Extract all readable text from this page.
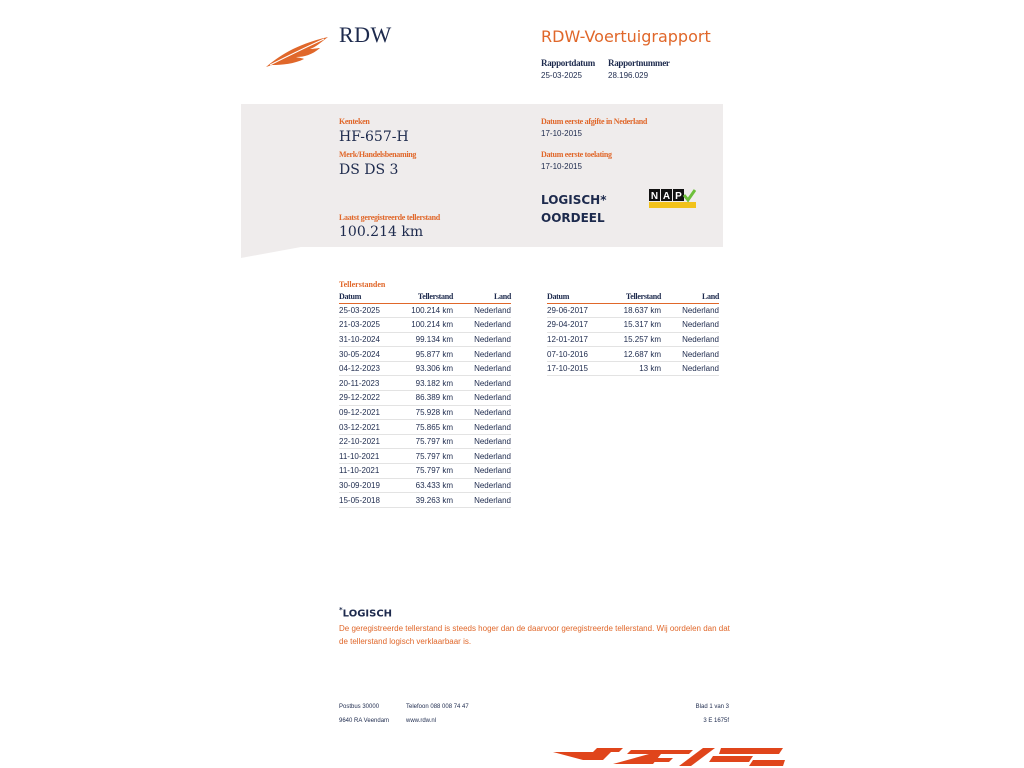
RDW	RDW-Voertuigrapport
Rapportdatum
25-03-2025
Rapportnummer
28.196.029
Kenteken
HF-657-H
Merk/Handelsbenaming
DS DS 3
Laatst geregistreerde tellerstand
100.214 km
Datum eerste afgifte in Nederland
17-10-2015
Datum eerste toelating
17-10-2015
LOGISCH*
OORDEEL
N A P
Tellerstanden
Datum	Tellerstand	Land
25-03-2025	100.214 km	Nederland
21-03-2025	100.214 km	Nederland
31-10-2024	99.134 km	Nederland
30-05-2024	95.877 km	Nederland
04-12-2023	93.306 km	Nederland
20-11-2023	93.182 km	Nederland
29-12-2022	86.389 km	Nederland
09-12-2021	75.928 km	Nederland
03-12-2021	75.865 km	Nederland
22-10-2021	75.797 km	Nederland
11-10-2021	75.797 km	Nederland
11-10-2021	75.797 km	Nederland
30-09-2019	63.433 km	Nederland
15-05-2018	39.263 km	Nederland
Datum	Tellerstand	Land
29-06-2017	18.637 km	Nederland
29-04-2017	15.317 km	Nederland
12-01-2017	15.257 km	Nederland
07-10-2016	12.687 km	Nederland
17-10-2015	13 km	Nederland
*LOGISCH
De geregistreerde tellerstand is steeds hoger dan de daarvoor geregistreerde tellerstand. Wij oordelen dan dat de tellerstand logisch verklaarbaar is.
Postbus 30000
9640 RA Veendam
Telefoon 088 008 74 47
www.rdw.nl
Blad 1 van 3
3 E 1675f
